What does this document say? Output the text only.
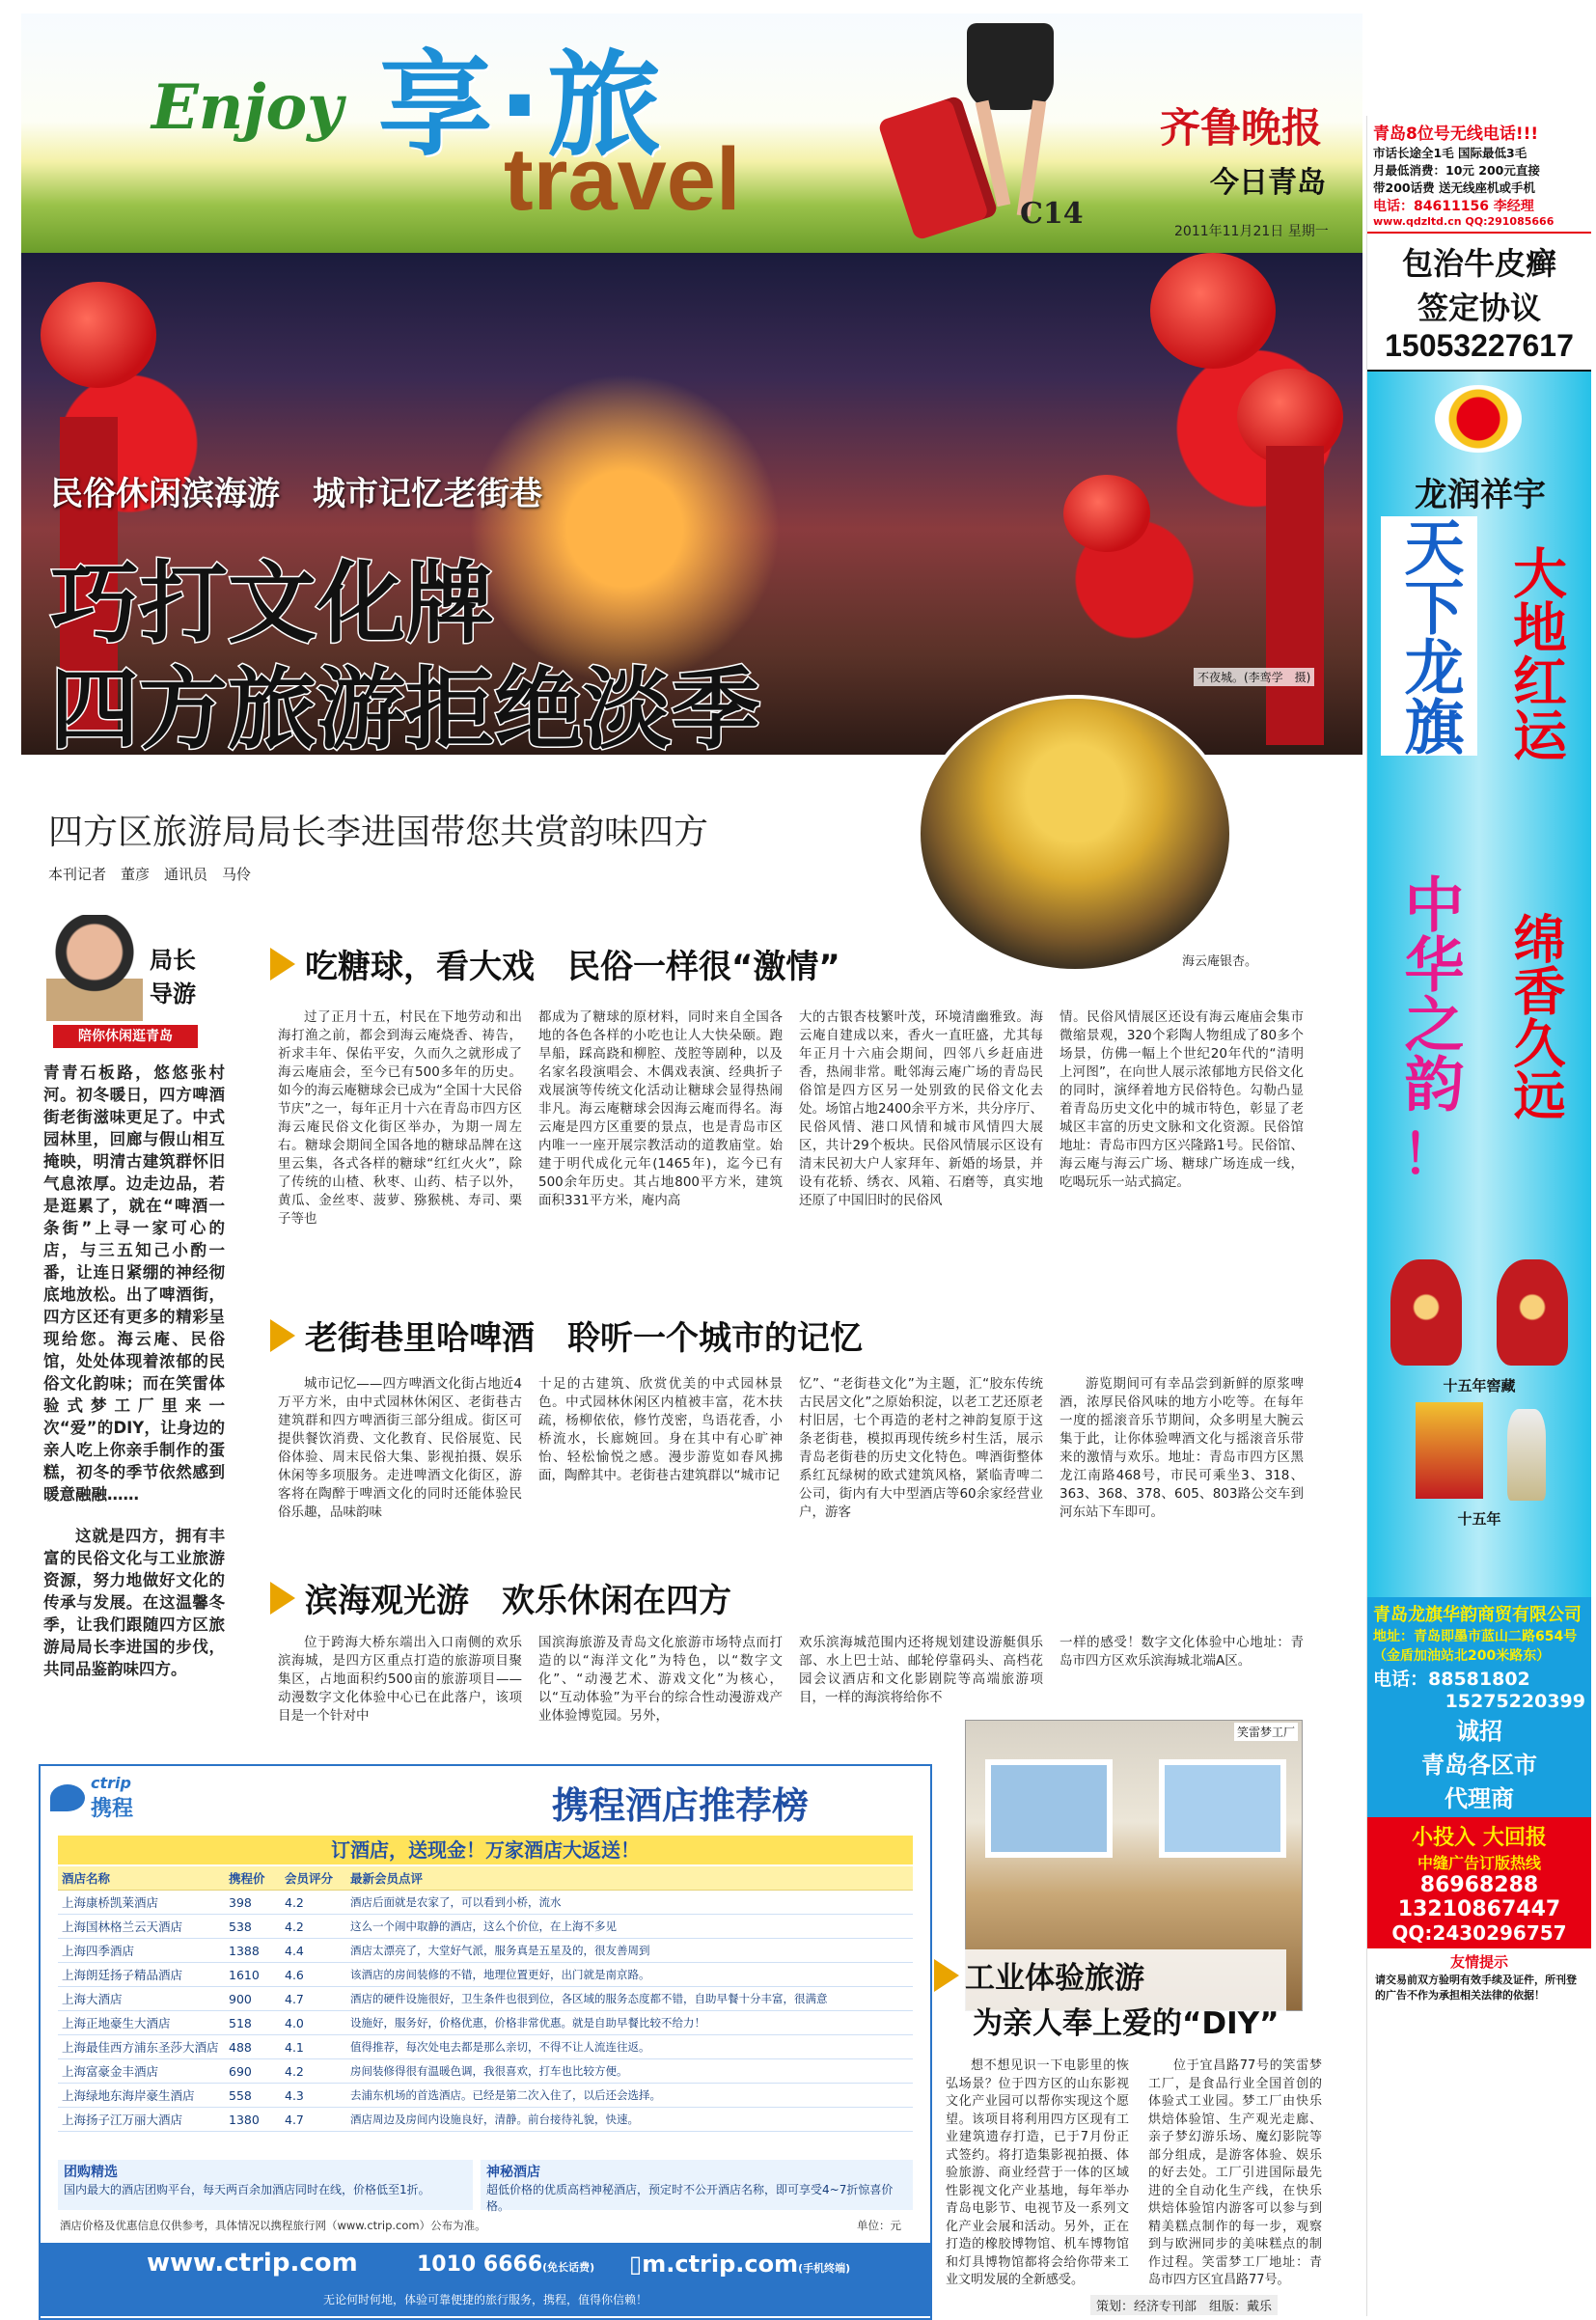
Enjoy 享·旅
travel
齐鲁晚报
今日青岛
C14
2011年11月21日 星期一
民俗休闲滨海游　城市记忆老街巷
巧打文化牌
四方旅游拒绝淡季	不夜城。(李鸾学　摄)
四方区旅游局局长李进国带您共赏韵味四方
本刊记者　董彦　通讯员　马伶
海云庵银杏。
局长
导游
陪你休闲逛青岛
青青石板路，悠悠张村河。初冬暖日，四方啤酒街老街滋味更足了。中式园林里，回廊与假山相互掩映，明清古建筑群怀旧气息浓厚。边走边品，若是逛累了，就在“啤酒一条街”上寻一家可心的店，与三五知己小酌一番，让连日紧绷的神经彻底地放松。出了啤酒街，四方区还有更多的精彩呈现给您。海云庵、民俗馆，处处体现着浓郁的民俗文化韵味；而在笑雷体验式梦工厂里来一次“爱”的DIY，让身边的亲人吃上你亲手制作的蛋糕，初冬的季节依然感到暖意融融……
这就是四方，拥有丰富的民俗文化与工业旅游资源，努力地做好文化的传承与发展。在这温馨冬季，让我们跟随四方区旅游局局长李进国的步伐，共同品鉴韵味四方。
吃糖球，看大戏　民俗一样很“激情”
过了正月十五，村民在下地劳动和出海打渔之前，都会到海云庵烧香、祷告，祈求丰年、保佑平安，久而久之就形成了海云庵庙会，至今已有500多年的历史。如今的海云庵糖球会已成为“全国十大民俗节庆”之一，每年正月十六在青岛市四方区海云庵民俗文化街区举办，为期一周左右。糖球会期间全国各地的糖球品牌在这里云集，各式各样的糖球“红红火火”，除了传统的山楂、秋枣、山药、桔子以外，黄瓜、金丝枣、菠萝、猕猴桃、寿司、栗子等也
都成为了糖球的原材料，同时来自全国各地的各色各样的小吃也让人大快朵颐。跑旱船，踩高跷和柳腔、茂腔等剧种，以及名家名段演唱会、木偶戏表演、经典折子戏展演等传统文化活动让糖球会显得热闹非凡。海云庵糖球会因海云庵而得名。海云庵是四方区重要的景点，也是青岛市区内唯一一座开展宗教活动的道教庙堂。始建于明代成化元年(1465年)，迄今已有500余年历史。其占地800平方米，建筑面积331平方米，庵内高
大的古银杏枝繁叶茂，环境清幽雅致。海云庵自建成以来，香火一直旺盛，尤其每年正月十六庙会期间，四邻八乡赶庙进香，热闹非常。毗邻海云庵广场的青岛民俗馆是四方区另一处别致的民俗文化去处。场馆占地2400余平方米，共分序厅、民俗风情、港口风情和城市风情四大展区，共计29个板块。民俗风情展示区设有清末民初大户人家拜年、新婚的场景，并设有花轿、绣衣、风箱、石磨等，真实地还原了中国旧时的民俗风
情。民俗风情展区还设有海云庵庙会集市微缩景观，320个彩陶人物组成了80多个场景，仿佛一幅上个世纪20年代的“清明上河图”，在向世人展示浓郁地方民俗文化的同时，演绎着地方民俗特色。勾勒凸显着青岛历史文化中的城市特色，彰显了老城区丰富的历史文脉和文化资源。民俗馆地址：青岛市四方区兴隆路1号。民俗馆、海云庵与海云广场、糖球广场连成一线，吃喝玩乐一站式搞定。
老街巷里哈啤酒　聆听一个城市的记忆
城市记忆——四方啤酒文化街占地近4万平方米，由中式园林休闲区、老街巷古建筑群和四方啤酒街三部分组成。街区可提供餐饮消费、文化教育、民俗展览、民俗体验、周末民俗大集、影视拍摄、娱乐休闲等多项服务。走进啤酒文化街区，游客将在陶醉于啤酒文化的同时还能体验民俗乐趣，品味韵味
十足的古建筑、欣赏优美的中式园林景色。中式园林休闲区内植被丰富，花木扶疏，杨柳依依，修竹茂密，鸟语花香，小桥流水，长廊婉回。身在其中有心旷神怡、轻松愉悦之感。漫步游览如春风拂面，陶醉其中。老街巷古建筑群以“城市记
忆”、“老街巷文化”为主题，汇“胶东传统古民居文化”之原始积淀，以老工艺还原老村旧居，七个再造的老村之神韵复原于这条老街巷，模拟再现传统乡村生活，展示青岛老街巷的历史文化特色。啤酒街整体系红瓦绿树的欧式建筑风格，紧临青啤二公司，街内有大中型酒店等60余家经营业户，游客
游览期间可有幸品尝到新鲜的原浆啤酒，浓厚民俗风味的地方小吃等。在每年一度的摇滚音乐节期间，众多明星大腕云集于此，让你体验啤酒文化与摇滚音乐带来的激情与欢乐。地址：青岛市四方区黑龙江南路468号，市民可乘坐3、318、363、368、378、605、803路公交车到河东站下车即可。
滨海观光游　欢乐休闲在四方
位于跨海大桥东端出入口南侧的欢乐滨海城，是四方区重点打造的旅游项目聚集区，占地面积约500亩的旅游项目——动漫数字文化体验中心已在此落户，该项目是一个针对中
国滨海旅游及青岛文化旅游市场特点而打造的以“海洋文化”为特色，以“数字文化”、“动漫艺术、游戏文化”为核心，以“互动体验”为平台的综合性动漫游戏产业体验博览园。另外，
欢乐滨海城范围内还将规划建设游艇俱乐部、水上巴士站、邮轮停靠码头、高档花园会议酒店和文化影剧院等高端旅游项目，一样的海滨将给你不
一样的感受！数字文化体验中心地址：青岛市四方区欢乐滨海城北端A区。
笑雷梦工厂
工业体验旅游
为亲人奉上爱的“DIY”
想不想见识一下电影里的恢弘场景？位于四方区的山东影视文化产业园可以帮你实现这个愿望。该项目将利用四方区现有工业建筑遗存打造，已于7月份正式签约。将打造集影视拍摄、体验旅游、商业经营于一体的区域性影视文化产业基地，每年举办青岛电影节、电视节及一系列文化产业会展和活动。另外，正在打造的橡胶博物馆、机车博物馆和灯具博物馆都将会给你带来工业文明发展的全新感受。
位于宜昌路77号的笑雷梦工厂，是食品行业全国首创的体验式工业园。梦工厂由快乐烘焙体验馆、生产观光走廊、亲子梦幻游乐场、魔幻影院等部分组成，是游客体验、娱乐的好去处。工厂引进国际最先进的全自动化生产线，在快乐烘焙体验馆内游客可以参与到精美糕点制作的每一步，观察到与欧洲同步的美味糕点的制作过程。笑雷梦工厂地址：青岛市四方区宜昌路77号。
策划：经济专刊部　组版：戴乐
ctrip
携程	携程酒店推荐榜
订酒店，送现金！万家酒店大返送！
酒店名称	携程价	会员评分	最新会员点评
上海康桥凯莱酒店	398	4.2	酒店后面就是农家了，可以看到小桥，流水
上海国林格兰云天酒店	538	4.2	这么一个闹中取静的酒店，这么个价位，在上海不多见
上海四季酒店	1388	4.4	酒店太漂亮了，大堂好气派，服务真是五星及的，很友善周到
上海朗廷扬子精品酒店	1610	4.6	该酒店的房间装修的不错，地理位置更好，出门就是南京路。
上海大酒店	900	4.7	酒店的硬件设施很好，卫生条件也很到位，各区域的服务态度都不错，自助早餐十分丰富，很满意
上海正地豪生大酒店	518	4.0	设施好，服务好，价格优惠，价格非常优惠。就是自助早餐比较不给力！
上海最佳西方浦东圣莎大酒店	488	4.1	值得推荐，每次处电去都是那么亲切，不得不让人流连往返。
上海富豪金丰酒店	690	4.2	房间装修得很有温暖色调，我很喜欢，打车也比较方便。
上海绿地东海岸豪生酒店	558	4.3	去浦东机场的首选酒店。已经是第二次入住了，以后还会选择。
上海扬子江万丽大酒店	1380	4.7	酒店周边及房间内设施良好，清静。前台接待礼貌，快速。
团购精选
国内最大的酒店团购平台，每天两百余加酒店同时在线，价格低至1折。
神秘酒店
超低价格的优质高档神秘酒店，预定时不公开酒店名称，即可享受4~7折惊喜价格。
酒店价格及优惠信息仅供参考，具体情况以携程旅行网（www.ctrip.com）公布为准。	单位：元
www.ctrip.com	1010 6666(免长话费) ▯m.ctrip.com(手机终端)
无论何时何地，体验可靠便捷的旅行服务，携程，值得你信赖！
青岛8位号无线电话!!!
市话长途全1毛 国际最低3毛
月最低消费：10元 200元直接
带200话费 送无线座机或手机
电话：84611156 李经理
www.qdzltd.cn QQ:291085666
包治牛皮癣
签定协议
15053227617
龙润祥宇
天下龙旗 大地红运
中华之韵
！
绵香久远
十五年窖藏
十五年
青岛龙旗华韵商贸有限公司
地址：青岛即墨市蓝山二路654号
（金盾加油站北200米路东）
电话：88581802
15275220399
诚招
青岛各区市
代理商
小投入 大回报
中缝广告订版热线
86968288
13210867447
QQ:2430296757
友情提示
请交易前双方验明有效手续及证件，所刊登的广告不作为承担相关法律的依据！
